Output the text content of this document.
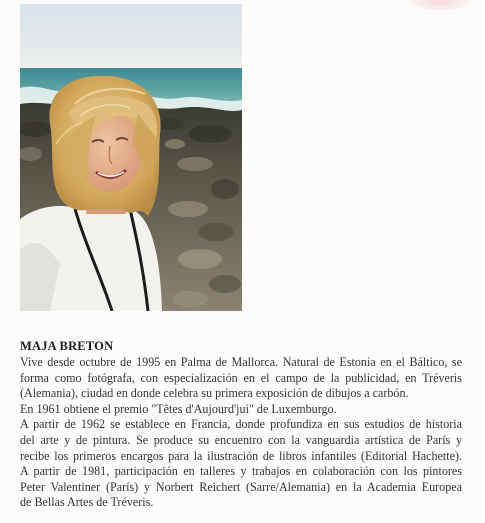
MAJA BRETON

Vive desde octubre de 1995 en Palma de Mallorca. Natural de Estonia en el Báltico, se
forma como fotógrafa, con especialización en el campo de la publicidad, en Tréveris
(Alemania), ciudad en donde celebra su primera exposición de dibujos a carbón.
En 1961 obtiene el premio "Têtes d'Aujourd'jui" de Luxemburgo.
A partir de 1962 se establece en Francia, donde profundiza en sus estudios de historia
del arte y de pintura. Se produce su encuentro con la vanguardia artística de París y
recibe los primeros encargos para la ilustración de libros infantiles (Editorial Hachette).
A partir de 1981, participación en talleres y trabajos en colaboración con los pintores
Peter Valentiner (París) y Norbert Reichert (Sarre/Alemania) en la Academia Europea
de Bellas Artes de Tréveris.
